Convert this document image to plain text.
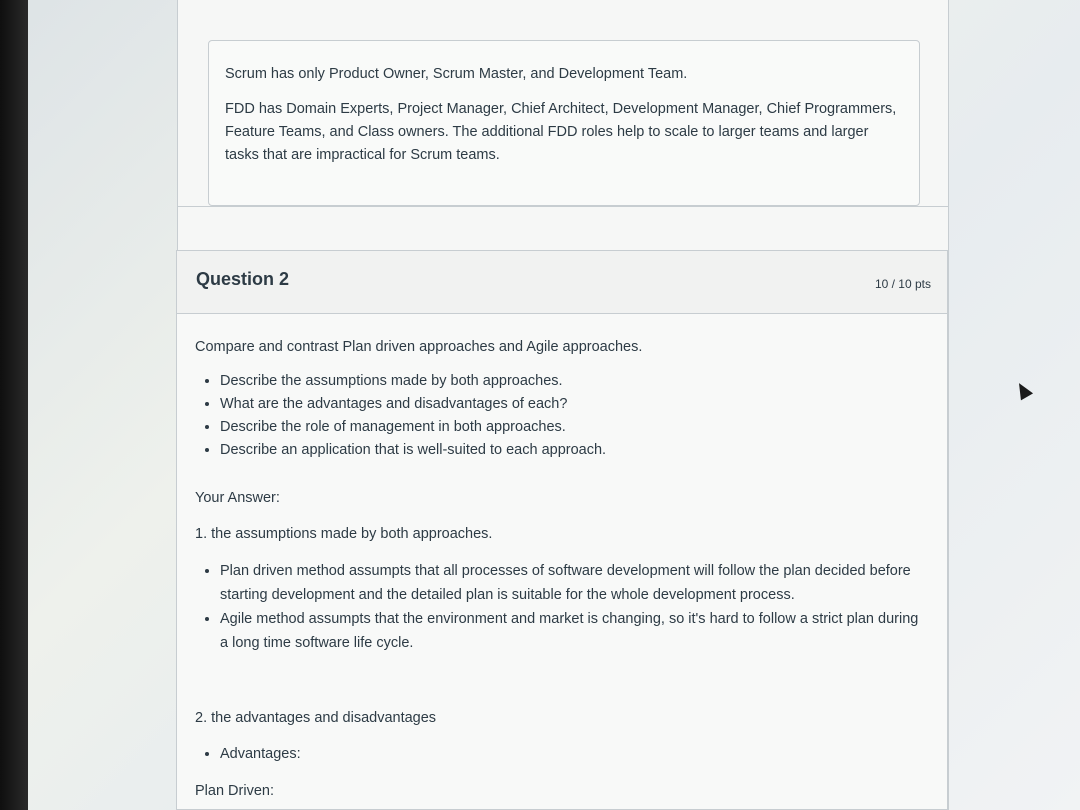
Scrum has only Product Owner, Scrum Master, and Development Team.

FDD has Domain Experts, Project Manager, Chief Architect, Development Manager, Chief Programmers, Feature Teams, and Class owners. The additional FDD roles help to scale to larger teams and larger tasks that are impractical for Scrum teams.

Question 2	10 / 10 pts
Compare and contrast Plan driven approaches and Agile approaches.
• Describe the assumptions made by both approaches.
• What are the advantages and disadvantages of each?
• Describe the role of management in both approaches.
• Describe an application that is well-suited to each approach.
Your Answer:
1. the assumptions made by both approaches.
• Plan driven method assumpts that all processes of software development will follow the plan decided before starting development and the detailed plan is suitable for the whole development process.
• Agile method assumpts that the environment and market is changing, so it's hard to follow a strict plan during a long time software life cycle.
2. the advantages and disadvantages
• Advantages:
Plan Driven:
